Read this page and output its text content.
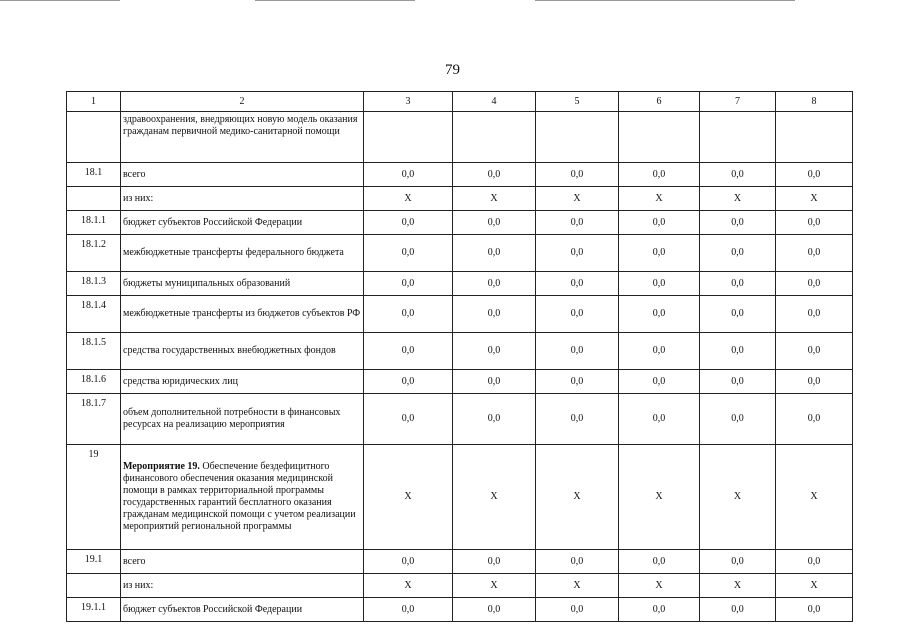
79
1	2	3	4	5	6	7	8
	здравоохранения, внедряющих новую модель оказания гражданам первичной медико-санитарной помощи						
18.1	всего	0,0	0,0	0,0	0,0	0,0	0,0
	из них:	X	X	X	X	X	X
18.1.1	бюджет субъектов Российской Федерации	0,0	0,0	0,0	0,0	0,0	0,0
18.1.2	межбюджетные трансферты федерального бюджета	0,0	0,0	0,0	0,0	0,0	0,0
18.1.3	бюджеты муниципальных образований	0,0	0,0	0,0	0,0	0,0	0,0
18.1.4	межбюджетные трансферты из бюджетов субъектов РФ	0,0	0,0	0,0	0,0	0,0	0,0
18.1.5	средства государственных внебюджетных фондов	0,0	0,0	0,0	0,0	0,0	0,0
18.1.6	средства юридических лиц	0,0	0,0	0,0	0,0	0,0	0,0
18.1.7	объем дополнительной потребности в финансовых ресурсах на реализацию мероприятия	0,0	0,0	0,0	0,0	0,0	0,0
19	Мероприятие 19. Обеспечение бездефицитного финансового обеспечения оказания медицинской помощи в рамках территориальной программы государственных гарантий бесплатного оказания гражданам медицинской помощи с учетом реализации мероприятий региональной программы	X	X	X	X	X	X
19.1	всего	0,0	0,0	0,0	0,0	0,0	0,0
	из них:	X	X	X	X	X	X
19.1.1	бюджет субъектов Российской Федерации	0,0	0,0	0,0	0,0	0,0	0,0
